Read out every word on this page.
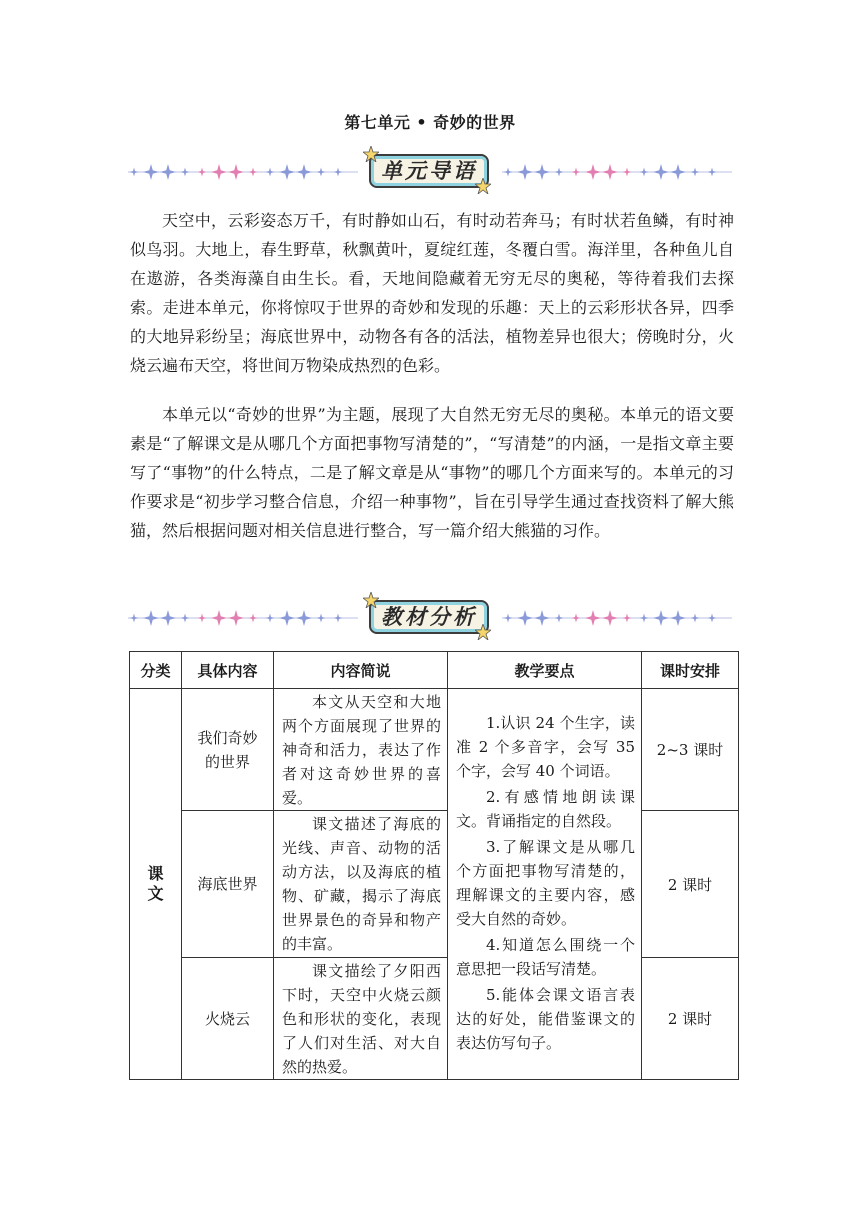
第七单元 • 奇妙的世界
单元导语

天空中，云彩姿态万千，有时静如山石，有时动若奔马；有时状若鱼鳞，有时神似鸟羽。大地上，春生野草，秋飘黄叶，夏绽红莲，冬覆白雪。海洋里，各种鱼儿自在遨游，各类海藻自由生长。看，天地间隐藏着无穷无尽的奥秘，等待着我们去探索。走进本单元，你将惊叹于世界的奇妙和发现的乐趣：天上的云彩形状各异，四季的大地异彩纷呈；海底世界中，动物各有各的活法，植物差异也很大；傍晚时分，火烧云遍布天空，将世间万物染成热烈的色彩。

本单元以“奇妙的世界”为主题，展现了大自然无穷无尽的奥秘。本单元的语文要素是“了解课文是从哪几个方面把事物写清楚的”，“写清楚”的内涵，一是指文章主要写了“事物”的什么特点，二是了解文章是从“事物”的哪几个方面来写的。本单元的习作要求是“初步学习整合信息，介绍一种事物”，旨在引导学生通过查找资料了解大熊猫，然后根据问题对相关信息进行整合，写一篇介绍大熊猫的习作。

教材分析
分类	具体内容	内容简说	教学要点	课时安排
课文	我们奇妙的世界	本文从天空和大地两个方面展现了世界的神奇和活力，表达了作者对这奇妙世界的喜爱。	1.认识 24 个生字，读准 2 个多音字，会写 35 个字，会写 40 个词语。
2.有感情地朗读课文。背诵指定的自然段。
3.了解课文是从哪几个方面把事物写清楚的，理解课文的主要内容，感受大自然的奇妙。
4.知道怎么围绕一个意思把一段话写清楚。
5.能体会课文语言表达的好处，能借鉴课文的表达仿写句子。	2~3 课时
	海底世界	课文描述了海底的光线、声音、动物的活动方法，以及海底的植物、矿藏，揭示了海底世界景色的奇异和物产的丰富。		2 课时
	火烧云	课文描绘了夕阳西下时，天空中火烧云颜色和形状的变化，表现了人们对生活、对大自然的热爱。		2 课时
